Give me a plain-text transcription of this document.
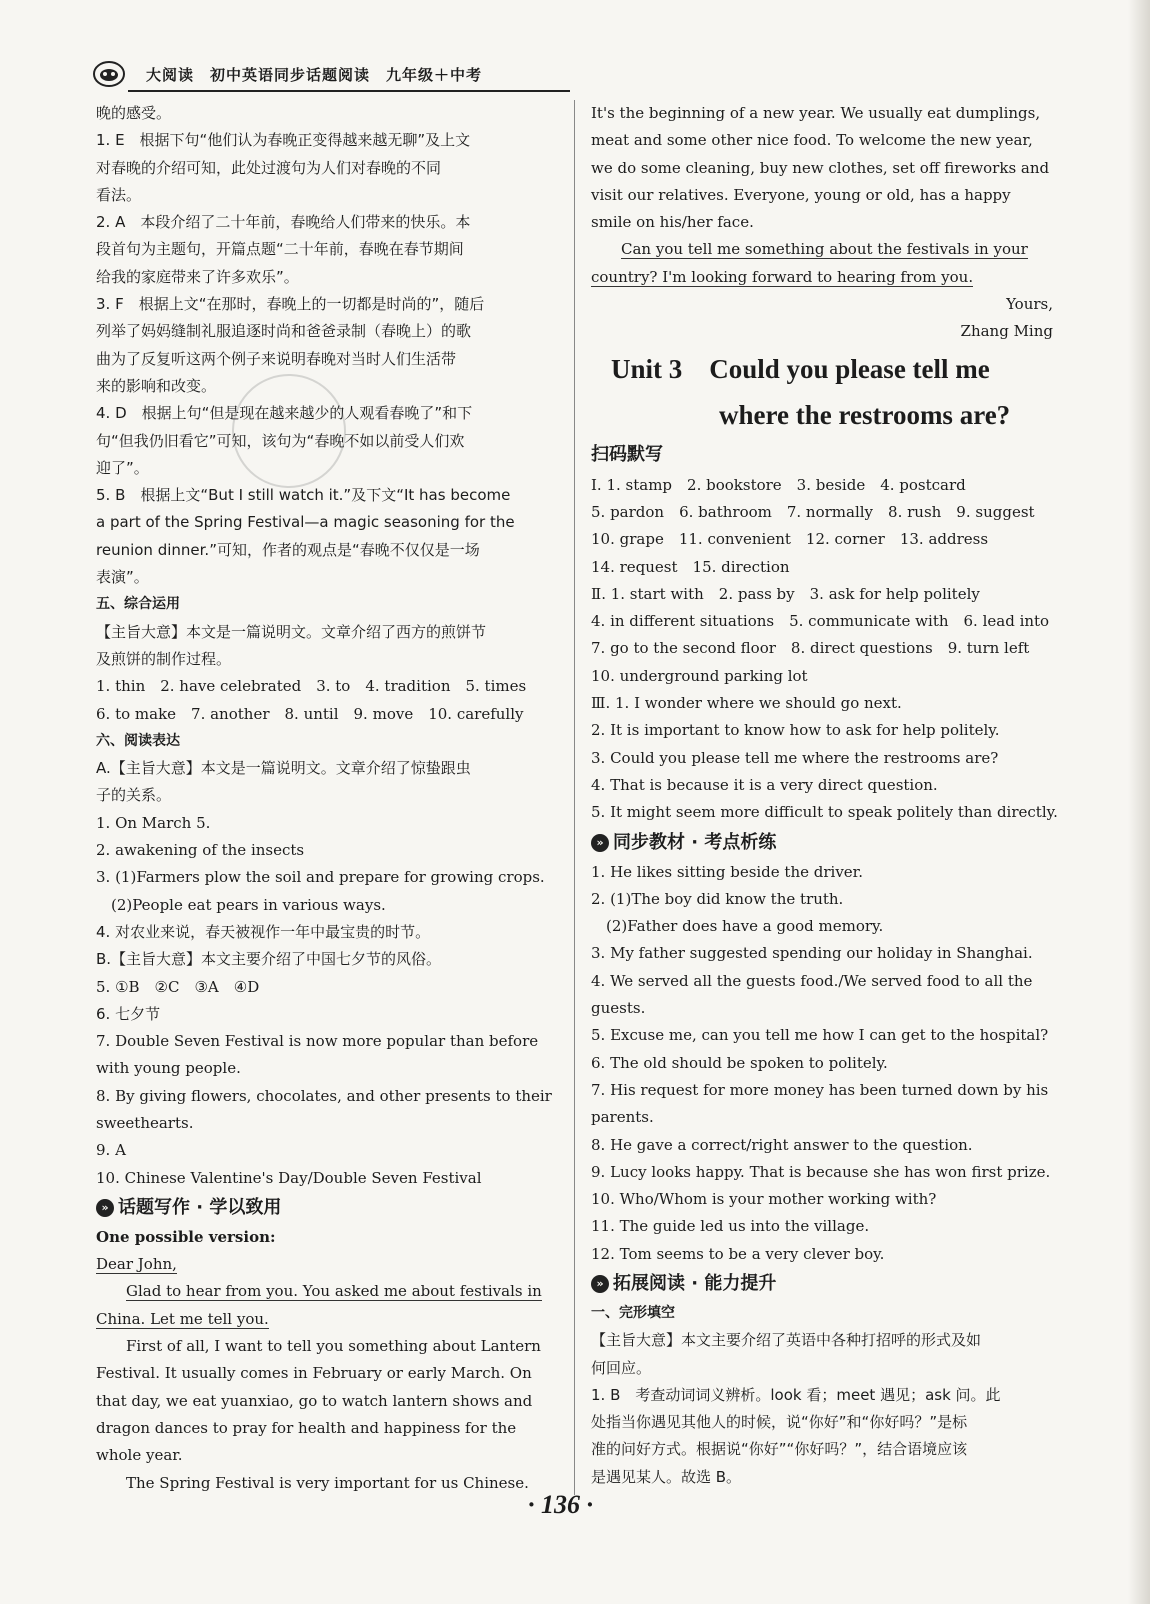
大阅读　初中英语同步话题阅读　九年级＋中考
晚的感受。
1. E　根据下句“他们认为春晚正变得越来越无聊”及上文
对春晚的介绍可知，此处过渡句为人们对春晚的不同
看法。
2. A　本段介绍了二十年前，春晚给人们带来的快乐。本
段首句为主题句，开篇点题“二十年前，春晚在春节期间
给我的家庭带来了许多欢乐”。
3. F　根据上文“在那时，春晚上的一切都是时尚的”，随后
列举了妈妈缝制礼服追逐时尚和爸爸录制（春晚上）的歌
曲为了反复听这两个例子来说明春晚对当时人们生活带
来的影响和改变。
4. D　根据上句“但是现在越来越少的人观看春晚了”和下
句“但我仍旧看它”可知，该句为“春晚不如以前受人们欢
迎了”。
5. B　根据上文“But I still watch it.”及下文“It has become
a part of the Spring Festival—a magic seasoning for the
reunion dinner.”可知，作者的观点是“春晚不仅仅是一场
表演”。
五、综合运用
【主旨大意】本文是一篇说明文。文章介绍了西方的煎饼节
及煎饼的制作过程。
1. thin　2. have celebrated　3. to　4. tradition　5. times
6. to make　7. another　8. until　9. move　10. carefully
六、阅读表达
A.【主旨大意】本文是一篇说明文。文章介绍了惊蛰跟虫
子的关系。
1. On March 5.
2. awakening of the insects
3. (1)Farmers plow the soil and prepare for growing crops.
　(2)People eat pears in various ways.
4. 对农业来说，春天被视作一年中最宝贵的时节。
B.【主旨大意】本文主要介绍了中国七夕节的风俗。
5. ①B　②C　③A　④D
6. 七夕节
7. Double Seven Festival is now more popular than before
with young people.
8. By giving flowers, chocolates, and other presents to their
sweethearts.
9. A
10. Chinese Valentine's Day/Double Seven Festival
» 话题写作 · 学以致用
One possible version:
Dear John,
Glad to hear from you. You asked me about festivals in
China. Let me tell you.
First of all, I want to tell you something about Lantern
Festival. It usually comes in February or early March. On
that day, we eat yuanxiao, go to watch lantern shows and
dragon dances to pray for health and happiness for the
whole year.
The Spring Festival is very important for us Chinese.
It's the beginning of a new year. We usually eat dumplings,
meat and some other nice food. To welcome the new year,
we do some cleaning, buy new clothes, set off fireworks and
visit our relatives. Everyone, young or old, has a happy
smile on his/her face.
Can you tell me something about the festivals in your
country? I'm looking forward to hearing from you.
Yours,
Zhang Ming
Unit 3　Could you please tell me
where the restrooms are?
扫码默写
Ⅰ. 1. stamp　2. bookstore　3. beside　4. postcard
5. pardon　6. bathroom　7. normally　8. rush　9. suggest
10. grape　11. convenient　12. corner　13. address
14. request　15. direction
Ⅱ. 1. start with　2. pass by　3. ask for help politely
4. in different situations　5. communicate with　6. lead into
7. go to the second floor　8. direct questions　9. turn left
10. underground parking lot
Ⅲ. 1. I wonder where we should go next.
2. It is important to know how to ask for help politely.
3. Could you please tell me where the restrooms are?
4. That is because it is a very direct question.
5. It might seem more difficult to speak politely than directly.
» 同步教材 · 考点析练
1. He likes sitting beside the driver.
2. (1)The boy did know the truth.
　(2)Father does have a good memory.
3. My father suggested spending our holiday in Shanghai.
4. We served all the guests food./We served food to all the
guests.
5. Excuse me, can you tell me how I can get to the hospital?
6. The old should be spoken to politely.
7. His request for more money has been turned down by his
parents.
8. He gave a correct/right answer to the question.
9. Lucy looks happy. That is because she has won first prize.
10. Who/Whom is your mother working with?
11. The guide led us into the village.
12. Tom seems to be a very clever boy.
» 拓展阅读 · 能力提升
一、完形填空
【主旨大意】本文主要介绍了英语中各种打招呼的形式及如
何回应。
1. B　考查动词词义辨析。look 看；meet 遇见；ask 问。此
处指当你遇见其他人的时候，说“你好”和“你好吗？”是标
准的问好方式。根据说“你好”“你好吗？”，结合语境应该
是遇见某人。故选 B。
· 136 ·
